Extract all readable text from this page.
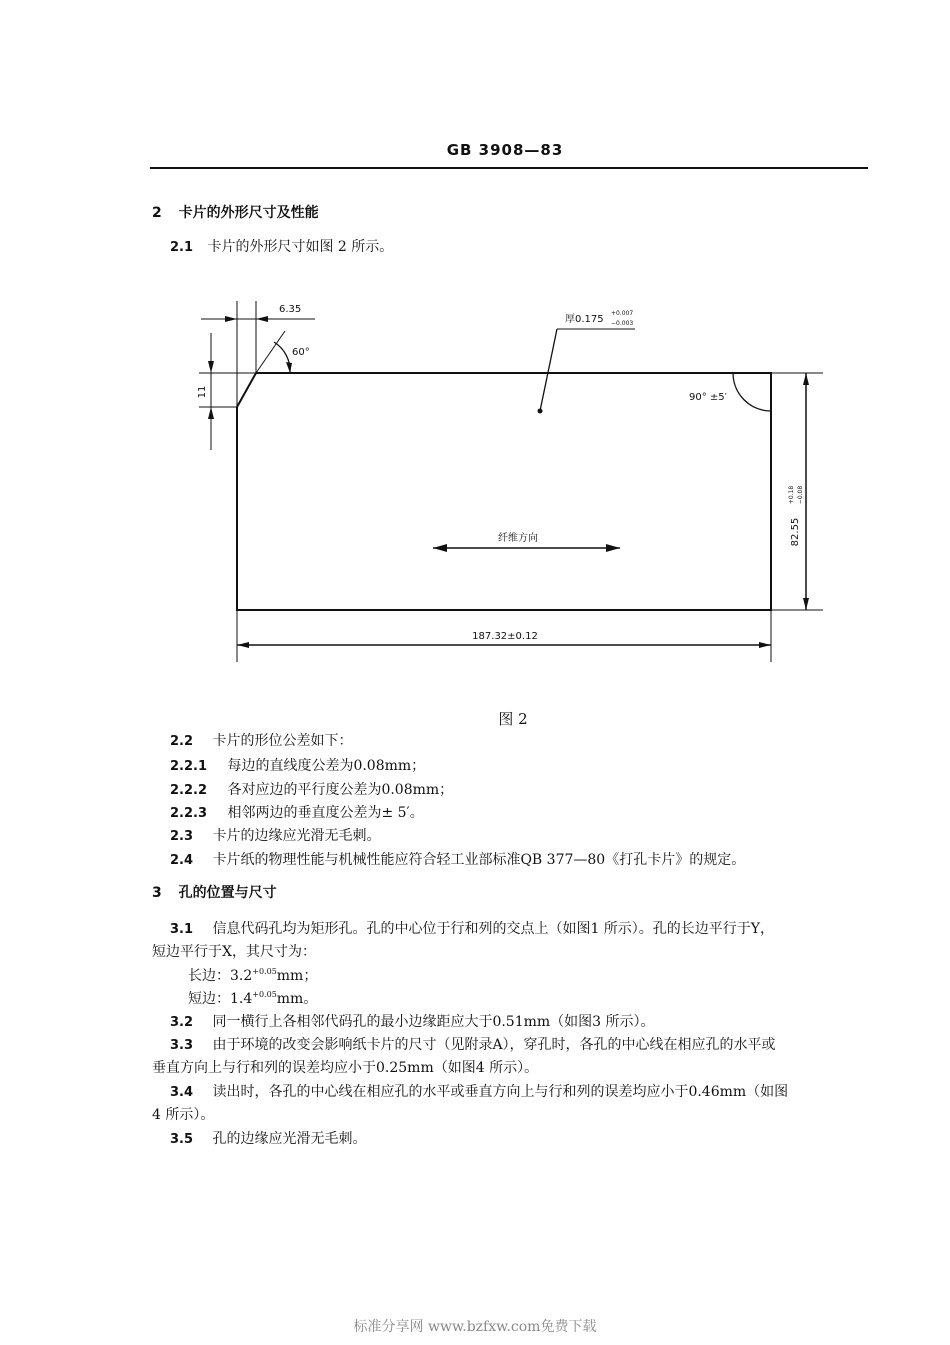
GB 3908—83
2 卡片的外形尺寸及性能
2.1 卡片的外形尺寸如图 2 所示。
6.35
60°
11
厚0.175
+0.007
−0.003
90° ±5′
82.55
+0.18 −0.08
纤维方向
187.32±0.12
图 2
2.2 卡片的形位公差如下：
2.2.1 每边的直线度公差为0.08mm；
2.2.2 各对应边的平行度公差为0.08mm；
2.2.3 相邻两边的垂直度公差为± 5′。
2.3 卡片的边缘应光滑无毛刺。
2.4 卡片纸的物理性能与机械性能应符合轻工业部标准QB 377—80《打孔卡片》的规定。
3 孔的位置与尺寸
3.1 信息代码孔均为矩形孔。孔的中心位于行和列的交点上（如图1 所示）。孔的长边平行于Y，
短边平行于X，其尺寸为：
长边：$3.2^{+0.05}mm$；
短边：$1.4^{+0.05}mm$。
3.2 同一横行上各相邻代码孔的最小边缘距应大于0.51mm（如图3 所示）。
3.3 由于环境的改变会影响纸卡片的尺寸（见附录A），穿孔时，各孔的中心线在相应孔的水平或
垂直方向上与行和列的误差均应小于0.25mm（如图4 所示）。
3.4 读出时，各孔的中心线在相应孔的水平或垂直方向上与行和列的误差均应小于0.46mm（如图
4 所示）。
3.5 孔的边缘应光滑无毛刺。
标准分享网 www.bzfxw.com免费下载
